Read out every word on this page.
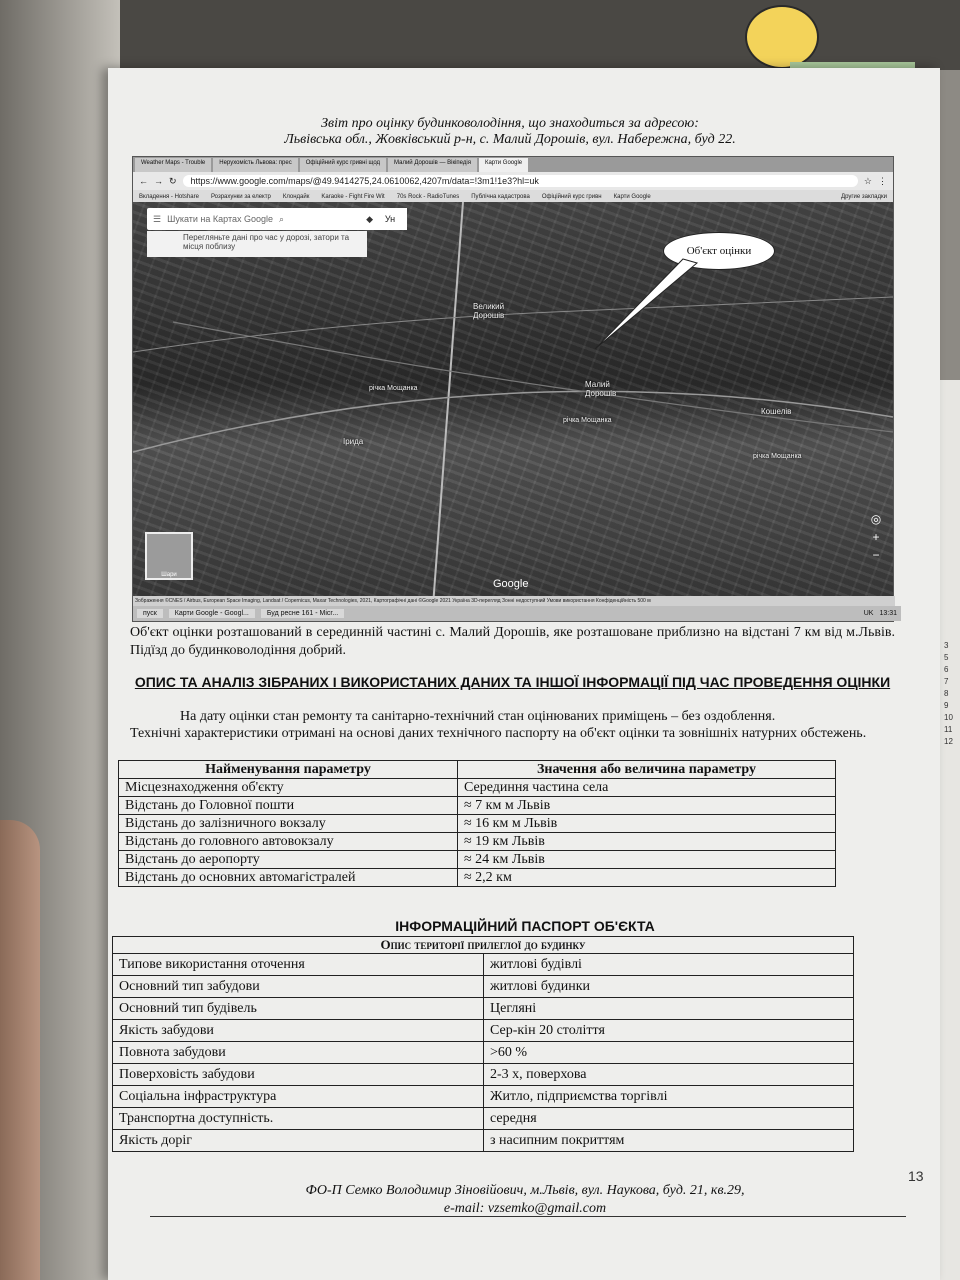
3
5
6
7
8
9
10
11
12
Звіт про оцінку будинковолодіння, що знаходиться за адресою:
Львівська обл., Жовківський р-н, с. Малий Дорошів, вул. Набережна, буд 22.
Weather Maps - Trouble	Нерухомість Львова: прес	Офіційний курс гривні щод	Малий Дорошів — Вікіпедія	Карти Google
← → ↻	https://www.google.com/maps/@49.9414275,24.0610062,4207m/data=!3m1!1e3?hl=uk	☆ ⋮
Вкладення - Hotshare Розрахунки за електр Клондайк Karaoke - Fight Fire Wit 70s Rock - RadioTunes Публічна кадастрова Офіційний курс гривн Карти Google	Другие закладки
☰ Шукати на Картах Google ⌕	◆	Ун
Перегляньте дані про час у дорозі, затори та місця поблизу	Об'єкт оцінки
Великий Дорошів
Малий Дорошів
Кошелів
річка Мощанка
річка Мощанка
річка Мощанка
Ірида
Шари
◎
+
−
Google
Зображення ©CNES / Airbus, European Space Imaging, Landsat / Copernicus, Maxar Technologies, 2021, Картографічні дані ©Google 2021 Україна 3D-перегляд Зонні недоступний Умови використання Конфіденційність 500 м
пуск	Карти Google - Googl...	Буд ресне 161 - Micr...	UK 13:31
Об'єкт оцінки розташований в серединній частині с. Малий Дорошів, яке розташоване приблизно на відстані 7 км від м.Львів. Підїзд до будинковолодіння добрий.
ОПИС ТА АНАЛІЗ ЗІБРАНИХ І ВИКОРИСТАНИХ ДАНИХ ТА ІНШОЇ ІНФОРМАЦІЇ ПІД ЧАС ПРОВЕДЕННЯ ОЦІНКИ
На дату оцінки стан ремонту та санітарно-технічний стан оцінюваних приміщень – без оздоблення.
Технічні характеристики отримані на основі даних технічного паспорту на об'єкт оцінки та зовнішніх натурних обстежень.
Найменування параметру	Значення або величина параметру
Місцезнаходження об'єкту	Серединня частина села
Відстань до Головної пошти	≈ 7 км м Львів
Відстань до залізничного вокзалу	≈ 16 км м Львів
Відстань до головного автовокзалу	≈ 19 км Львів
Відстань до аеропорту	≈ 24 км Львів
Відстань до основних автомагістралей	≈ 2,2 км
ІНФОРМАЦІЙНИЙ ПАСПОРТ ОБ'ЄКТА
Опис території прилеглої до будинку	
Типове використання оточення	житлові будівлі
Основний тип забудови	житлові будинки
Основний тип будівель	Цегляні
Якість забудови	Сер-кін 20 століття
Повнота забудови	>60 %
Поверховість забудови	2-3 х, поверхова
Соціальна інфраструктура	Житло, підприємства торгівлі
Транспортна доступність.	середня
Якість доріг	з насипним покриттям
13
ФО-П Семко Володимир Зіновійович, м.Львів, вул. Наукова, буд. 21, кв.29,
e-mail: vzsemko@gmail.com
